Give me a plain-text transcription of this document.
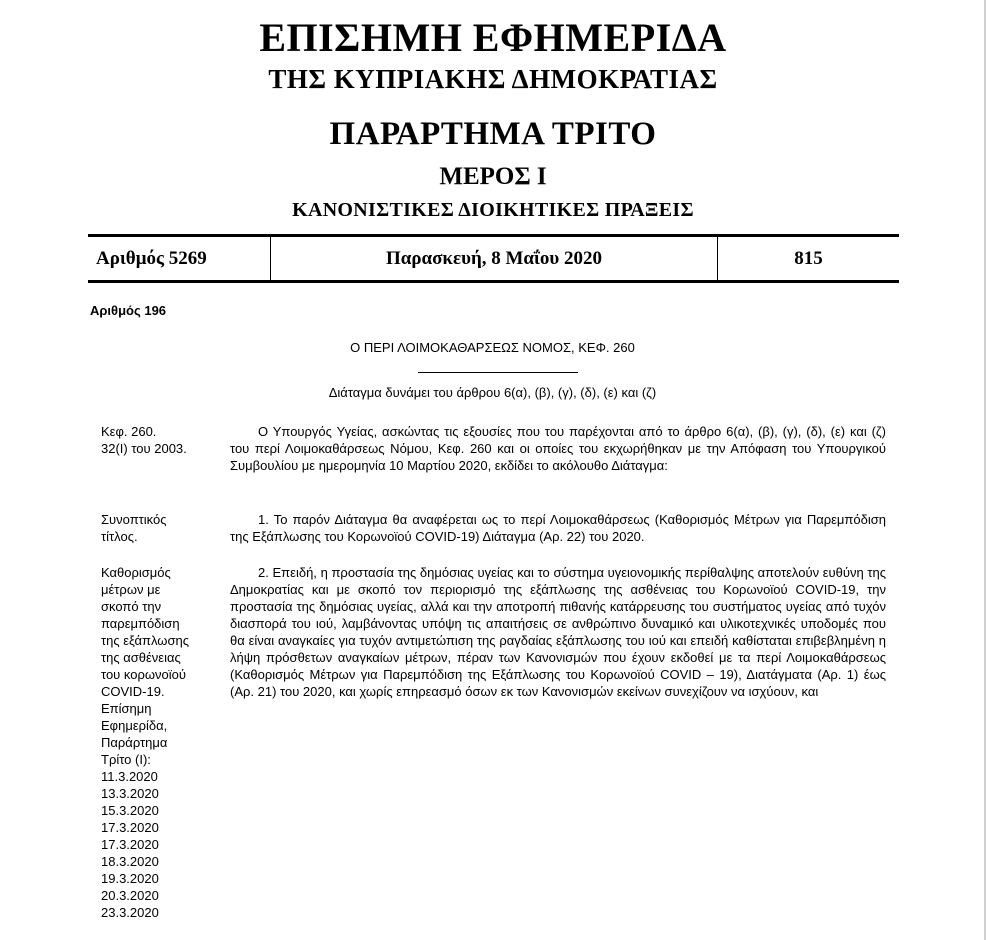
ΕΠΙΣΗΜΗ ΕΦΗΜΕΡΙΔΑ
ΤΗΣ ΚΥΠΡΙΑΚΗΣ ΔΗΜΟΚΡΑΤΙΑΣ
ΠΑΡΑΡΤΗΜΑ ΤΡΙΤΟ
ΜΕΡΟΣ Ι
ΚΑΝΟΝΙΣΤΙΚΕΣ ΔΙΟΙΚΗΤΙΚΕΣ ΠΡΑΞΕΙΣ
Αριθμός 5269	Παρασκευή, 8 Μαΐου 2020	815
Αριθμός 196
Ο ΠΕΡΙ ΛΟΙΜΟΚΑΘΑΡΣΕΩΣ ΝΟΜΟΣ, ΚΕΦ. 260
Διάταγμα δυνάμει του άρθρου 6(α), (β), (γ), (δ), (ε) και (ζ)
Κεφ. 260.
32(I) του 2003.
Ο Υπουργός Υγείας, ασκώντας τις εξουσίες που του παρέχονται από το άρθρο 6(α), (β), (γ), (δ), (ε) και (ζ) του περί Λοιμοκαθάρσεως Νόμου, Κεφ. 260 και οι οποίες του εκχωρήθηκαν με την Απόφαση του Υπουργικού Συμβουλίου με ημερομηνία 10 Μαρτίου 2020, εκδίδει το ακόλουθο Διάταγμα:
Συνοπτικός
τίτλος.
1. Το παρόν Διάταγμα θα αναφέρεται ως το περί Λοιμοκαθάρσεως (Καθορισμός Μέτρων για Παρεμπόδιση της Εξάπλωσης του Κορωνοϊού COVID-19) Διάταγμα (Αρ. 22) του 2020.
Καθορισμός
μέτρων με
σκοπό την
παρεμπόδιση
της εξάπλωσης
της ασθένειας
του κορωνοϊού
COVID-19.
Επίσημη
Εφημερίδα,
Παράρτημα
Τρίτο (Ι):
11.3.2020
13.3.2020
15.3.2020
17.3.2020
17.3.2020
18.3.2020
19.3.2020
20.3.2020
23.3.2020
2. Επειδή, η προστασία της δημόσιας υγείας και το σύστημα υγειονομικής περίθαλψης αποτελούν ευθύνη της Δημοκρατίας και με σκοπό τον περιορισμό της εξάπλωσης της ασθένειας του Κορωνοϊού COVID-19, την προστασία της δημόσιας υγείας, αλλά και την αποτροπή πιθανής κατάρρευσης του συστήματος υγείας από τυχόν διασπορά του ιού, λαμβάνοντας υπόψη τις απαιτήσεις σε ανθρώπινο δυναμικό και υλικοτεχνικές υποδομές που θα είναι αναγκαίες για τυχόν αντιμετώπιση της ραγδαίας εξάπλωσης του ιού και επειδή καθίσταται επιβεβλημένη η λήψη πρόσθετων αναγκαίων μέτρων, πέραν των Κανονισμών που έχουν εκδοθεί με τα περί Λοιμοκαθάρσεως (Καθορισμός Μέτρων για Παρεμπόδιση της Εξάπλωσης του Κορωνοϊού COVID – 19), Διατάγματα (Αρ. 1) έως (Αρ. 21) του 2020, και χωρίς επηρεασμό όσων εκ των Κανονισμών εκείνων συνεχίζουν να ισχύουν, και
